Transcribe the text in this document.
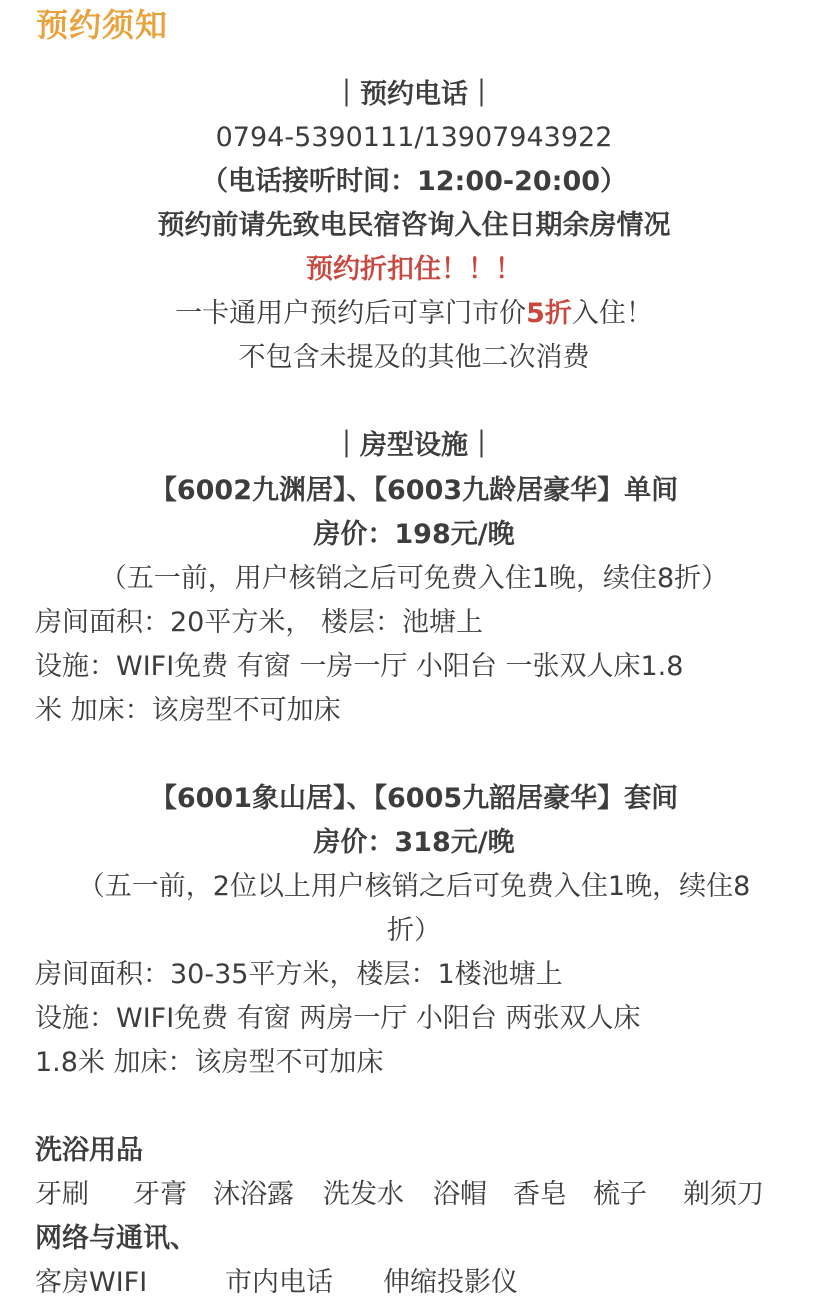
预约须知
｜预约电话｜
0794-5390111/13907943922
（电话接听时间：12:00-20:00）
预约前请先致电民宿咨询入住日期余房情况
预约折扣住！！！
一卡通用户预约后可享门市价5折入住！
不包含未提及的其他二次消费
｜房型设施｜
【6002九渊居】、【6003九龄居豪华】单间
房价：198元/晚
（五一前，用户核销之后可免费入住1晚，续住8折）
房间面积：20平方米， 楼层：池塘上
设施：WIFI免费 有窗 一房一厅 小阳台 一张双人床1.8
米 加床：该房型不可加床
【6001象山居】、【6005九韶居豪华】套间
房价：318元/晚
（五一前，2位以上用户核销之后可免费入住1晚，续住8
折）
房间面积：30-35平方米，楼层：1楼池塘上
设施：WIFI免费 有窗 两房一厅 小阳台 两张双人床
1.8米 加床：该房型不可加床
洗浴用品
牙刷 牙膏 沐浴露 洗发水 浴帽 香皂 梳子 剃须刀
网络与通讯、
客房WIFI	市内电话 伸缩投影仪
